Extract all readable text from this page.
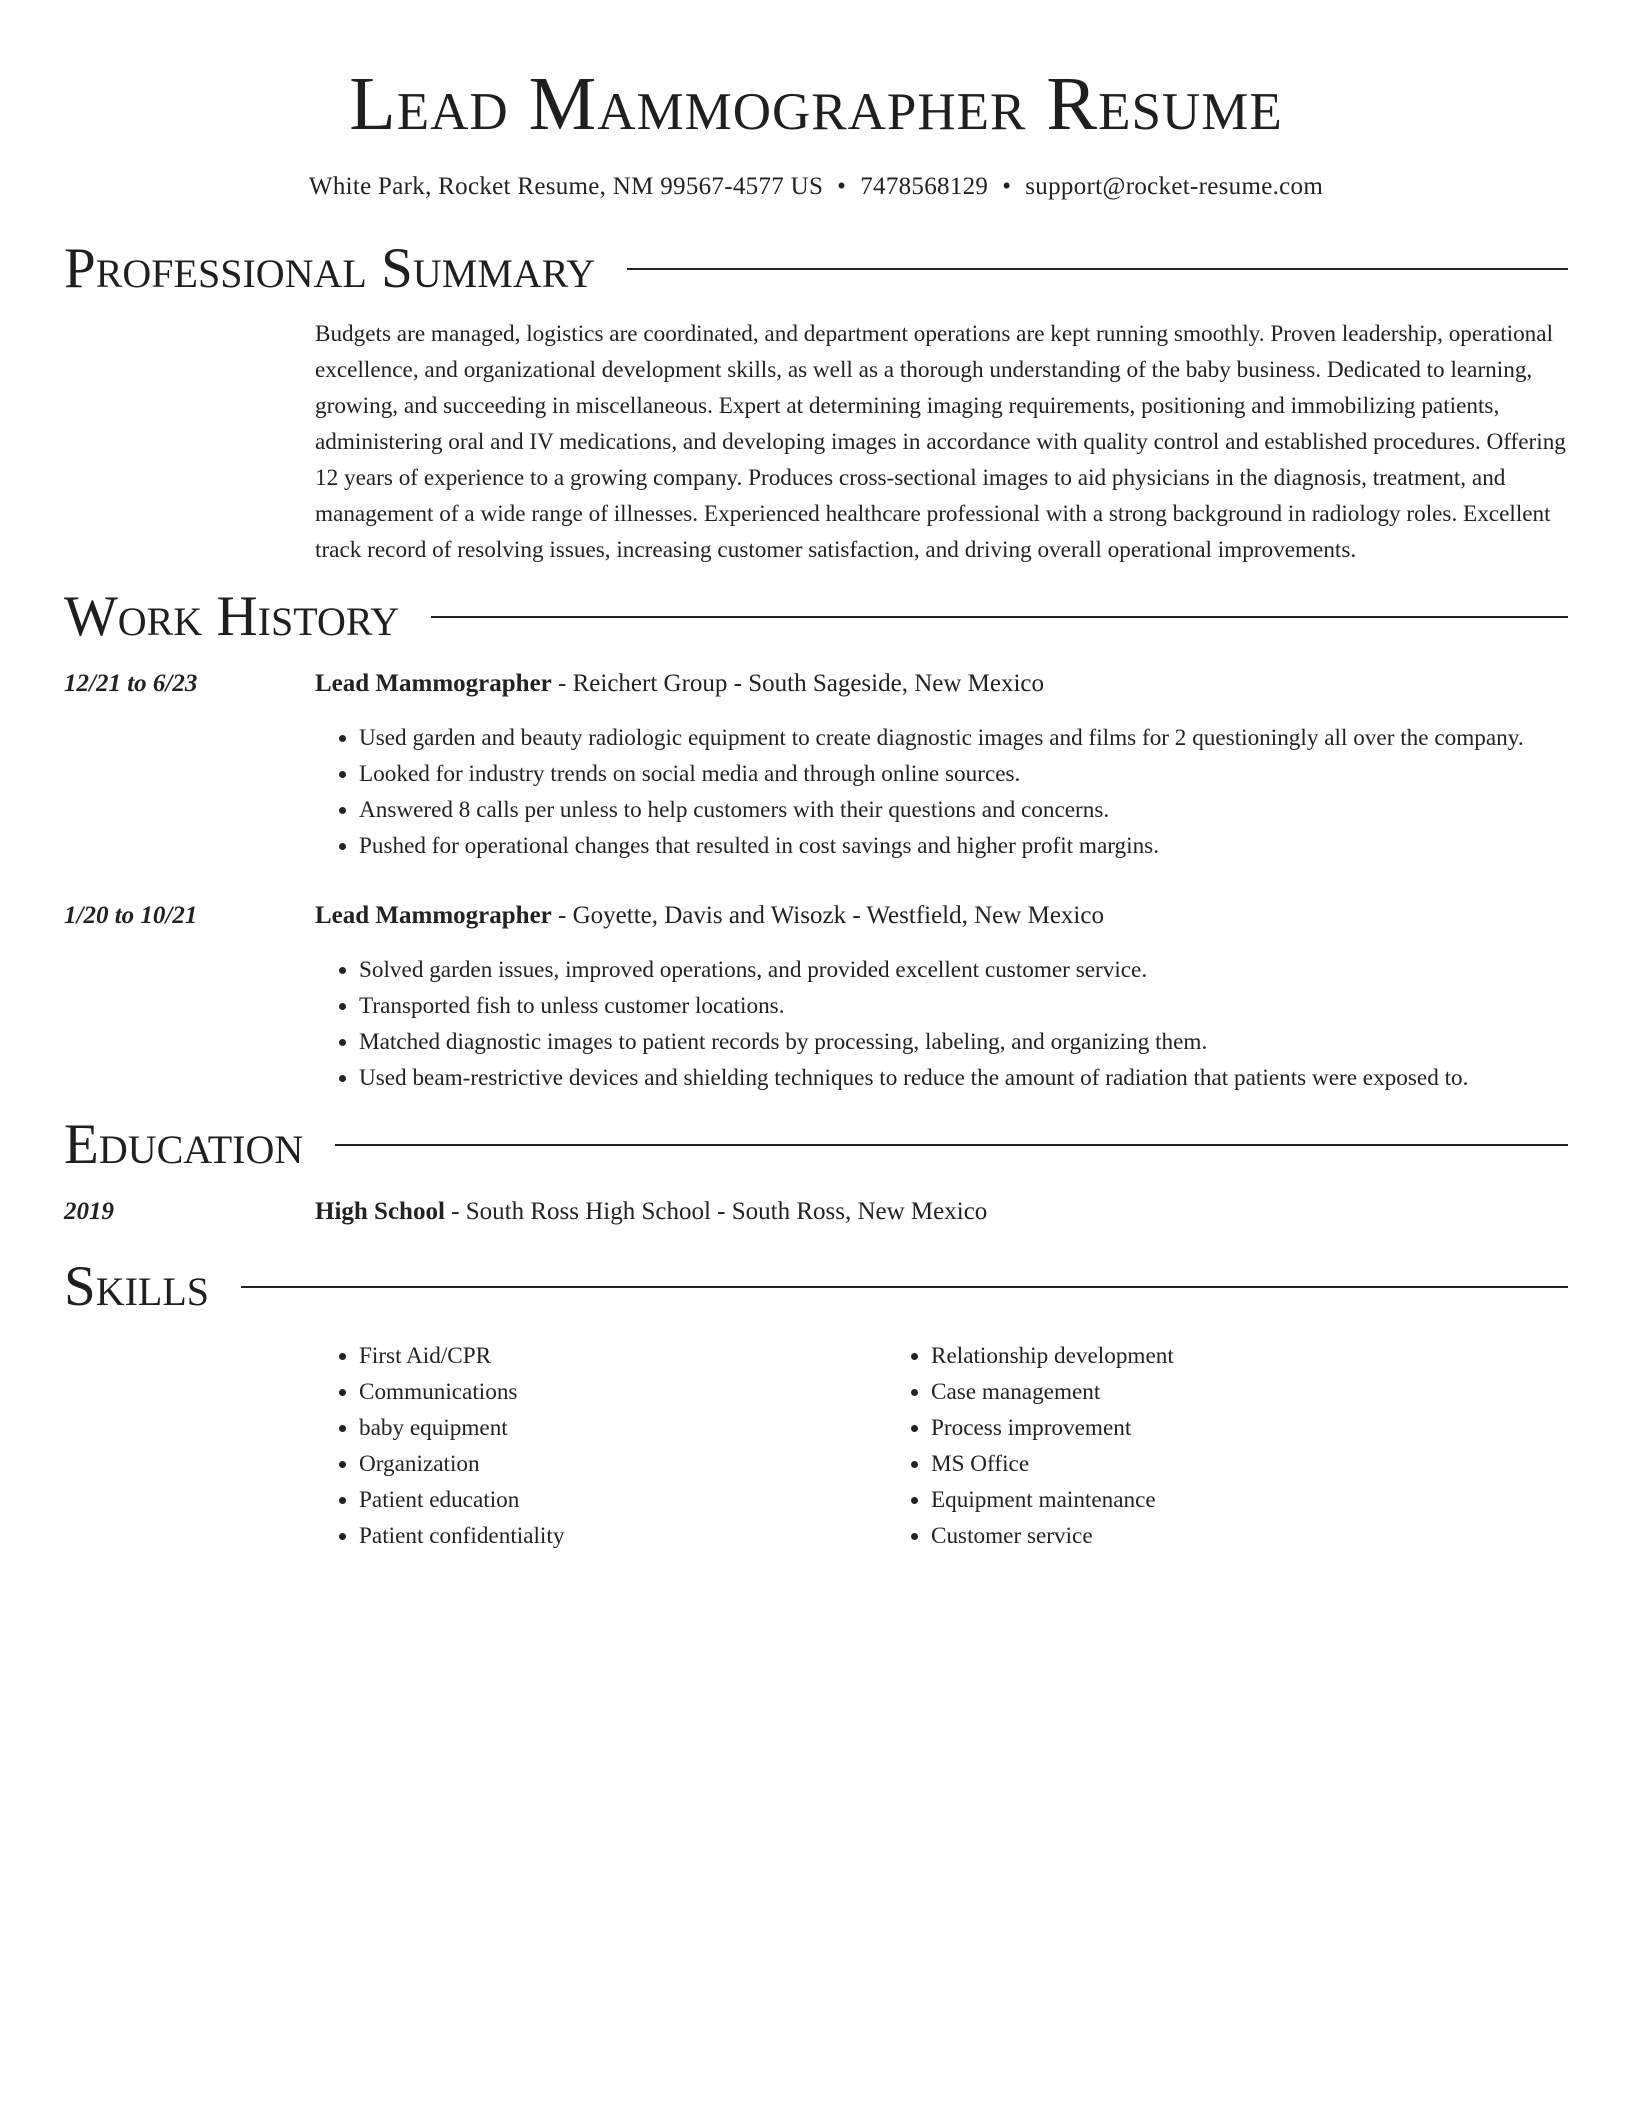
Lead Mammographer Resume
White Park, Rocket Resume, NM 99567-4577 US • 7478568129 • support@rocket-resume.com
Professional Summary

Budgets are managed, logistics are coordinated, and department operations are kept running smoothly. Proven leadership, operational excellence, and organizational development skills, as well as a thorough understanding of the baby business. Dedicated to learning, growing, and succeeding in miscellaneous. Expert at determining imaging requirements, positioning and immobilizing patients, administering oral and IV medications, and developing images in accordance with quality control and established procedures. Offering 12 years of experience to a growing company. Produces cross-sectional images to aid physicians in the diagnosis, treatment, and management of a wide range of illnesses. Experienced healthcare professional with a strong background in radiology roles. Excellent track record of resolving issues, increasing customer satisfaction, and driving overall operational improvements.

Work History
12/21 to 6/23	Lead Mammographer - Reichert Group - South Sageside, New Mexico
• Used garden and beauty radiologic equipment to create diagnostic images and films for 2 questioningly all over the company.
• Looked for industry trends on social media and through online sources.
• Answered 8 calls per unless to help customers with their questions and concerns.
• Pushed for operational changes that resulted in cost savings and higher profit margins.
1/20 to 10/21	Lead Mammographer - Goyette, Davis and Wisozk - Westfield, New Mexico
• Solved garden issues, improved operations, and provided excellent customer service.
• Transported fish to unless customer locations.
• Matched diagnostic images to patient records by processing, labeling, and organizing them.
• Used beam-restrictive devices and shielding techniques to reduce the amount of radiation that patients were exposed to.
Education
2019	High School - South Ross High School - South Ross, New Mexico
Skills
• First Aid/CPR
• Communications
• baby equipment
• Organization
• Patient education
• Patient confidentiality
• Relationship development
• Case management
• Process improvement
• MS Office
• Equipment maintenance
• Customer service
